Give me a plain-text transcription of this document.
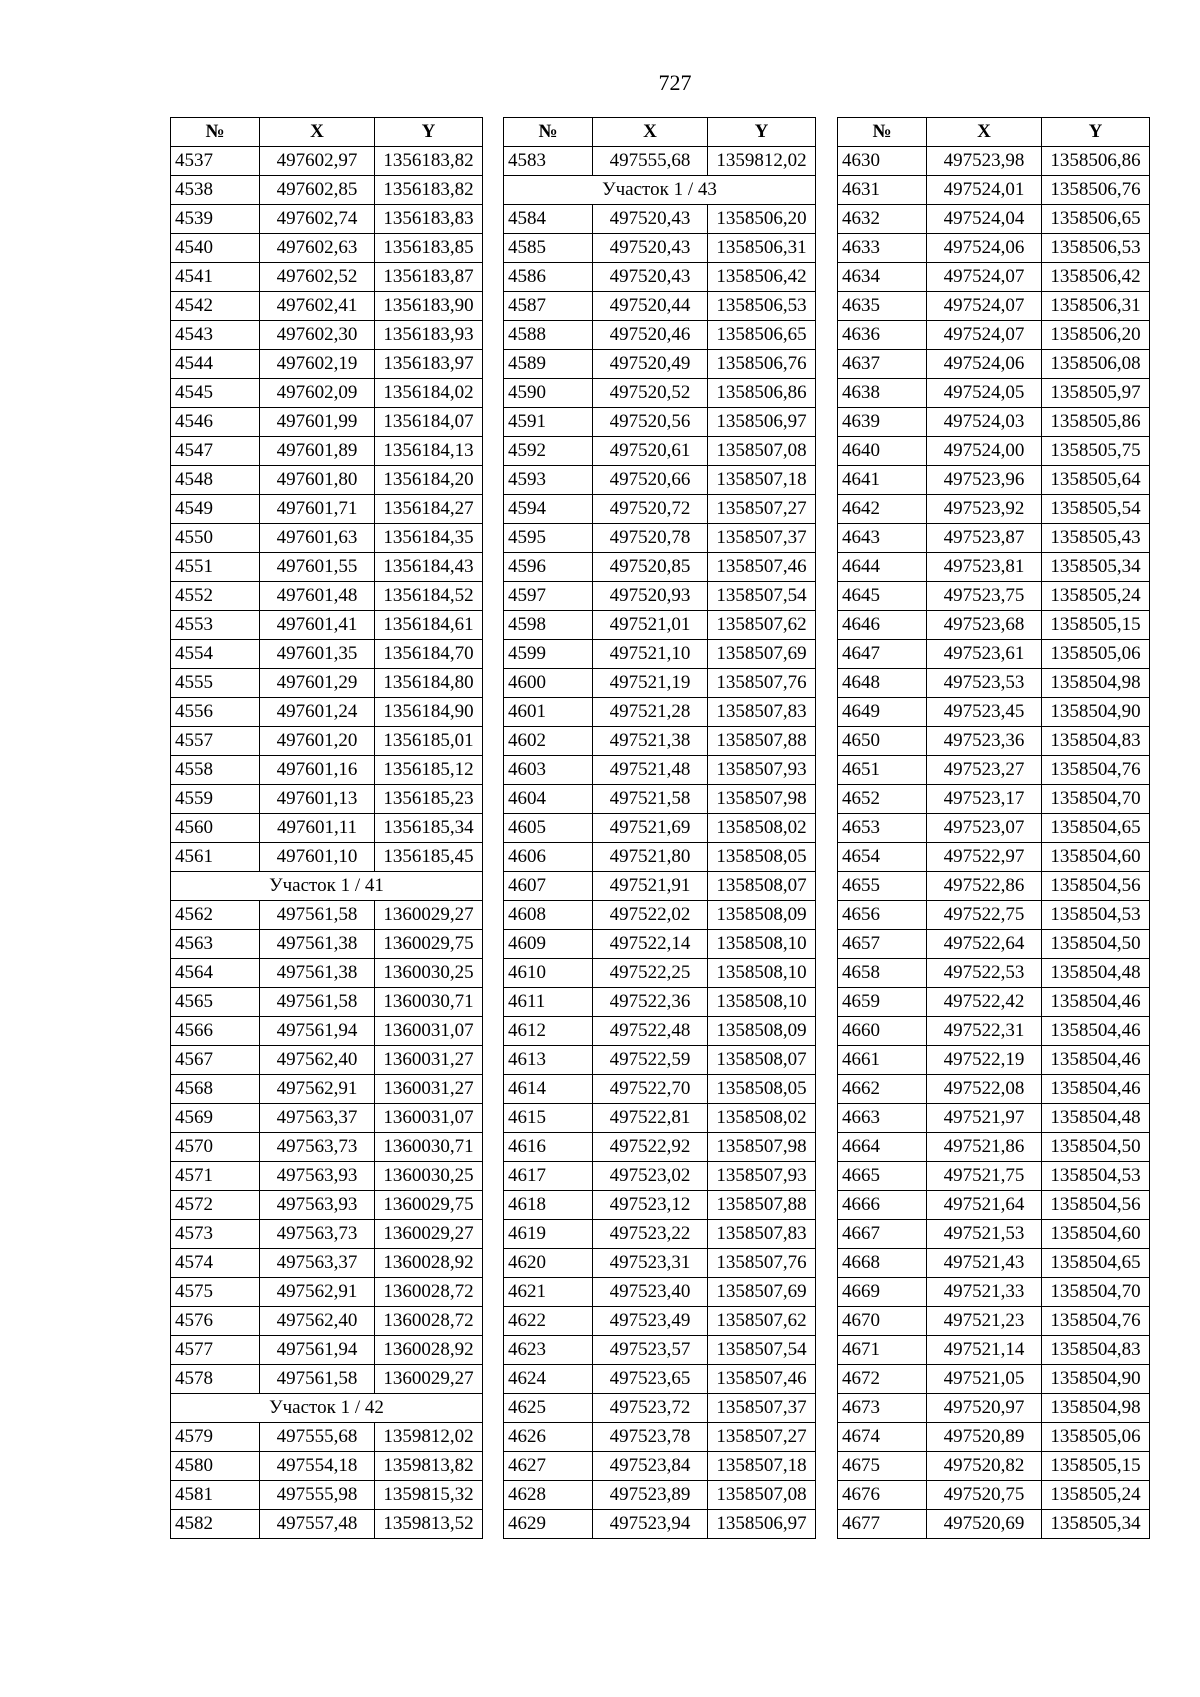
727
№	X	Y
4537	497602,97	1356183,82
4538	497602,85	1356183,82
4539	497602,74	1356183,83
4540	497602,63	1356183,85
4541	497602,52	1356183,87
4542	497602,41	1356183,90
4543	497602,30	1356183,93
4544	497602,19	1356183,97
4545	497602,09	1356184,02
4546	497601,99	1356184,07
4547	497601,89	1356184,13
4548	497601,80	1356184,20
4549	497601,71	1356184,27
4550	497601,63	1356184,35
4551	497601,55	1356184,43
4552	497601,48	1356184,52
4553	497601,41	1356184,61
4554	497601,35	1356184,70
4555	497601,29	1356184,80
4556	497601,24	1356184,90
4557	497601,20	1356185,01
4558	497601,16	1356185,12
4559	497601,13	1356185,23
4560	497601,11	1356185,34
4561	497601,10	1356185,45
Участок 1 / 41		
4562	497561,58	1360029,27
4563	497561,38	1360029,75
4564	497561,38	1360030,25
4565	497561,58	1360030,71
4566	497561,94	1360031,07
4567	497562,40	1360031,27
4568	497562,91	1360031,27
4569	497563,37	1360031,07
4570	497563,73	1360030,71
4571	497563,93	1360030,25
4572	497563,93	1360029,75
4573	497563,73	1360029,27
4574	497563,37	1360028,92
4575	497562,91	1360028,72
4576	497562,40	1360028,72
4577	497561,94	1360028,92
4578	497561,58	1360029,27
Участок 1 / 42		
4579	497555,68	1359812,02
4580	497554,18	1359813,82
4581	497555,98	1359815,32
4582	497557,48	1359813,52
№	X	Y
4583	497555,68	1359812,02
Участок 1 / 43		
4584	497520,43	1358506,20
4585	497520,43	1358506,31
4586	497520,43	1358506,42
4587	497520,44	1358506,53
4588	497520,46	1358506,65
4589	497520,49	1358506,76
4590	497520,52	1358506,86
4591	497520,56	1358506,97
4592	497520,61	1358507,08
4593	497520,66	1358507,18
4594	497520,72	1358507,27
4595	497520,78	1358507,37
4596	497520,85	1358507,46
4597	497520,93	1358507,54
4598	497521,01	1358507,62
4599	497521,10	1358507,69
4600	497521,19	1358507,76
4601	497521,28	1358507,83
4602	497521,38	1358507,88
4603	497521,48	1358507,93
4604	497521,58	1358507,98
4605	497521,69	1358508,02
4606	497521,80	1358508,05
4607	497521,91	1358508,07
4608	497522,02	1358508,09
4609	497522,14	1358508,10
4610	497522,25	1358508,10
4611	497522,36	1358508,10
4612	497522,48	1358508,09
4613	497522,59	1358508,07
4614	497522,70	1358508,05
4615	497522,81	1358508,02
4616	497522,92	1358507,98
4617	497523,02	1358507,93
4618	497523,12	1358507,88
4619	497523,22	1358507,83
4620	497523,31	1358507,76
4621	497523,40	1358507,69
4622	497523,49	1358507,62
4623	497523,57	1358507,54
4624	497523,65	1358507,46
4625	497523,72	1358507,37
4626	497523,78	1358507,27
4627	497523,84	1358507,18
4628	497523,89	1358507,08
4629	497523,94	1358506,97
№	X	Y
4630	497523,98	1358506,86
4631	497524,01	1358506,76
4632	497524,04	1358506,65
4633	497524,06	1358506,53
4634	497524,07	1358506,42
4635	497524,07	1358506,31
4636	497524,07	1358506,20
4637	497524,06	1358506,08
4638	497524,05	1358505,97
4639	497524,03	1358505,86
4640	497524,00	1358505,75
4641	497523,96	1358505,64
4642	497523,92	1358505,54
4643	497523,87	1358505,43
4644	497523,81	1358505,34
4645	497523,75	1358505,24
4646	497523,68	1358505,15
4647	497523,61	1358505,06
4648	497523,53	1358504,98
4649	497523,45	1358504,90
4650	497523,36	1358504,83
4651	497523,27	1358504,76
4652	497523,17	1358504,70
4653	497523,07	1358504,65
4654	497522,97	1358504,60
4655	497522,86	1358504,56
4656	497522,75	1358504,53
4657	497522,64	1358504,50
4658	497522,53	1358504,48
4659	497522,42	1358504,46
4660	497522,31	1358504,46
4661	497522,19	1358504,46
4662	497522,08	1358504,46
4663	497521,97	1358504,48
4664	497521,86	1358504,50
4665	497521,75	1358504,53
4666	497521,64	1358504,56
4667	497521,53	1358504,60
4668	497521,43	1358504,65
4669	497521,33	1358504,70
4670	497521,23	1358504,76
4671	497521,14	1358504,83
4672	497521,05	1358504,90
4673	497520,97	1358504,98
4674	497520,89	1358505,06
4675	497520,82	1358505,15
4676	497520,75	1358505,24
4677	497520,69	1358505,34
